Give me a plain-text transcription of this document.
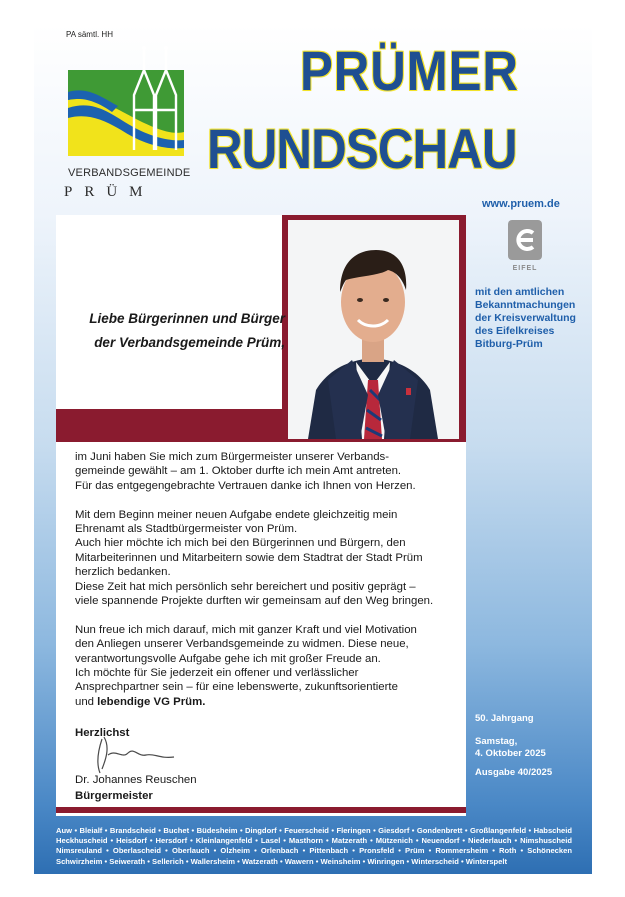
PA sämtl. HH
VERBANDSGEMEINDE
PRÜM
PRÜMER
RUNDSCHAU
www.pruem.de
EIFEL
mit den amtlichen Bekanntmachungen der Kreisverwaltung des Eifelkreises Bitburg-Prüm
Liebe Bürgerinnen und Bürger
der Verbandsgemeinde Prüm,

im Juni haben Sie mich zum Bürgermeister unserer Verbands-
gemeinde gewählt – am 1. Oktober durfte ich mein Amt antreten.
Für das entgegengebrachte Vertrauen danke ich Ihnen von Herzen.

Mit dem Beginn meiner neuen Aufgabe endete gleichzeitig mein
Ehrenamt als Stadtbürgermeister von Prüm.
Auch hier möchte ich mich bei den Bürgerinnen und Bürgern, den
Mitarbeiterinnen und Mitarbeitern sowie dem Stadtrat der Stadt Prüm
herzlich bedanken.
Diese Zeit hat mich persönlich sehr bereichert und positiv geprägt –
viele spannende Projekte durften wir gemeinsam auf den Weg bringen.

Nun freue ich mich darauf, mich mit ganzer Kraft und viel Motivation
den Anliegen unserer Verbandsgemeinde zu widmen. Diese neue,
verantwortungsvolle Aufgabe gehe ich mit großer Freude an.
Ich möchte für Sie jederzeit ein offener und verlässlicher
Ansprechpartner sein – für eine lebenswerte, zukunftsorientierte
und lebendige VG Prüm.

Herzlichst
Dr. Johannes Reuschen
Bürgermeister
50. Jahrgang
Samstag,
4. Oktober 2025
Ausgabe 40/2025
Auw • Bleialf • Brandscheid • Buchet • Büdesheim • Dingdorf • Feuerscheid • Fleringen • Giesdorf • Gondenbrett • Großlangenfeld • Habscheid Heckhuscheid • Heisdorf • Hersdorf • Kleinlangenfeld • Lasel • Masthorn • Matzerath • Mützenich • Neuendorf • Niederlauch • Nimshuscheid Nimsreuland • Oberlascheid • Oberlauch • Olzheim • Orlenbach • Pittenbach • Pronsfeld • Prüm • Rommersheim • Roth • Schönecken Schwirzheim • Seiwerath • Sellerich • Wallersheim • Watzerath • Wawern • Weinsheim • Winringen • Winterscheid • Winterspelt
